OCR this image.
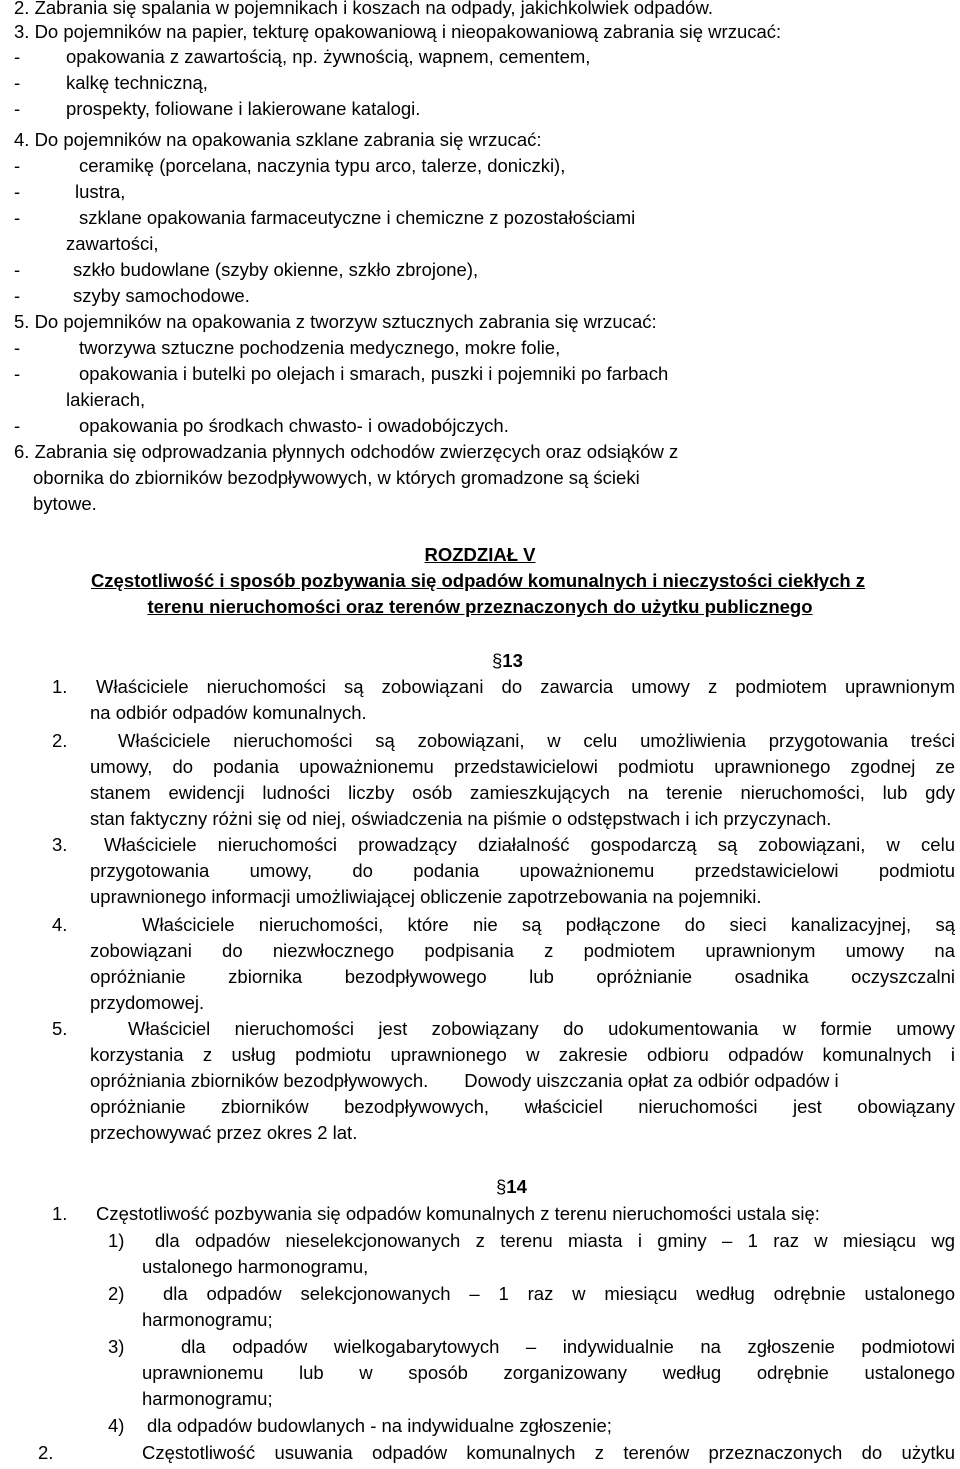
2. Zabrania się spalania w pojemnikach i koszach na odpady, jakichkolwiek odpadów.
3. Do pojemników na papier, tekturę opakowaniową i nieopakowaniową zabrania się wrzucać:
- opakowania z zawartością, np. żywnością, wapnem, cementem,
- kalkę techniczną,
- prospekty, foliowane i lakierowane katalogi.
4. Do pojemników na opakowania szklane zabrania się wrzucać:
-	ceramikę (porcelana, naczynia typu arco, talerze, doniczki),
-	lustra,
-	szklane opakowania farmaceutyczne i chemiczne z pozostałościami
zawartości,
-	szkło budowlane (szyby okienne, szkło zbrojone),
-	szyby samochodowe.
5. Do pojemników na opakowania z tworzyw sztucznych zabrania się wrzucać:
-	tworzywa sztuczne pochodzenia medycznego, mokre folie,
-	opakowania i butelki po olejach i smarach, puszki i pojemniki po farbach
lakierach,
-	opakowania po środkach chwasto- i owadobójczych.
6. Zabrania się odprowadzania płynnych odchodów zwierzęcych oraz odsiąków z
obornika do zbiorników bezodpływowych, w których gromadzone są ścieki
bytowe.
ROZDZIAŁ V
Częstotliwość i sposób pozbywania się odpadów komunalnych i nieczystości ciekłych z
terenu nieruchomości oraz terenów przeznaczonych do użytku publicznego
§13
1. Właściciele nieruchomości są zobowiązani do zawarcia umowy z podmiotem uprawnionym
na odbiór odpadów komunalnych.
2.	Właściciele nieruchomości są zobowiązani, w celu umożliwienia przygotowania treści
umowy, do podania upoważnionemu przedstawicielowi podmiotu uprawnionego zgodnej ze
stanem ewidencji ludności liczby osób zamieszkujących na terenie nieruchomości, lub gdy
stan faktyczny różni się od niej, oświadczenia na piśmie o odstępstwach i ich przyczynach.
3. Właściciele nieruchomości prowadzący działalność gospodarczą są zobowiązani, w celu
przygotowania umowy, do podania upoważnionemu przedstawicielowi podmiotu
uprawnionego informacji umożliwiającej obliczenie zapotrzebowania na pojemniki.
4.	Właściciele nieruchomości, które nie są podłączone do sieci kanalizacyjnej, są
zobowiązani do niezwłocznego podpisania z podmiotem uprawnionym umowy na
opróżnianie zbiornika bezodpływowego lub opróżnianie osadnika oczyszczalni
przydomowej.
5.	Właściciel nieruchomości jest zobowiązany do udokumentowania w formie umowy
korzystania z usług podmiotu uprawnionego w zakresie odbioru odpadów komunalnych i
opróżniania zbiorników bezodpływowych.       Dowody uiszczania opłat za odbiór odpadów i
opróżnianie zbiorników bezodpływowych, właściciel nieruchomości jest obowiązany
przechowywać przez okres 2 lat.
§14
1. Częstotliwość pozbywania się odpadów komunalnych z terenu nieruchomości ustala się:
1) dla odpadów nieselekcjonowanych z terenu miasta i gminy – 1 raz w miesiącu wg
ustalonego harmonogramu,
2) dla odpadów selekcjonowanych – 1 raz w miesiącu według odrębnie ustalonego
harmonogramu;
3)	dla odpadów wielkogabarytowych – indywidualnie na zgłoszenie podmiotowi
uprawnionemu lub w sposób zorganizowany według odrębnie ustalonego
harmonogramu;
4) dla odpadów budowlanych - na indywidualne zgłoszenie;
2.	Częstotliwość usuwania odpadów komunalnych z terenów przeznaczonych do użytku
